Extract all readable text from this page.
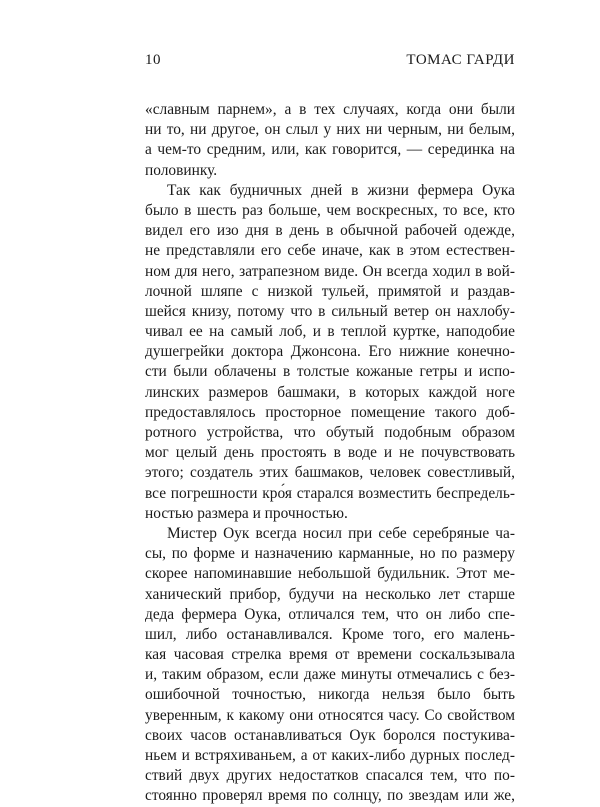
10	ТОМАС ГАРДИ
«славным парнем», а в тех случаях, когда они были
ни то, ни другое, он слыл у них ни черным, ни белым,
а чем-то средним, или, как говорится, — серединка на
половинку.
Так как будничных дней в жизни фермера Оука
было в шесть раз больше, чем воскресных, то все, кто
видел его изо дня в день в обычной рабочей одежде,
не представляли его себе иначе, как в этом естествен-
ном для него, затрапезном виде. Он всегда ходил в вой-
лочной шляпе с низкой тульей, примятой и раздав-
шейся книзу, потому что в сильный ветер он нахлобу-
чивал ее на самый лоб, и в теплой куртке, наподобие
душегрейки доктора Джонсона. Его нижние конечно-
сти были облачены в толстые кожаные гетры и испо-
линских размеров башмаки, в которых каждой ноге
предоставлялось просторное помещение такого доб-
ротного устройства, что обутый подобным образом
мог целый день простоять в воде и не почувствовать
этого; создатель этих башмаков, человек совестливый,
все погрешности кро́я старался возместить беспредель-
ностью размера и прочностью.
Мистер Оук всегда носил при себе серебряные ча-
сы, по форме и назначению карманные, но по размеру
скорее напоминавшие небольшой будильник. Этот ме-
ханический прибор, будучи на несколько лет старше
деда фермера Оука, отличался тем, что он либо спе-
шил, либо останавливался. Кроме того, его малень-
кая часовая стрелка время от времени соскальзывала
и, таким образом, если даже минуты отмечались с без-
ошибочной точностью, никогда нельзя было быть
уверенным, к какому они относятся часу. Со свойством
своих часов останавливаться Оук боролся постукива-
ньем и встряхиваньем, а от каких-либо дурных послед-
ствий двух других недостатков спасался тем, что по-
стоянно проверял время по солнцу, по звездам или же,
